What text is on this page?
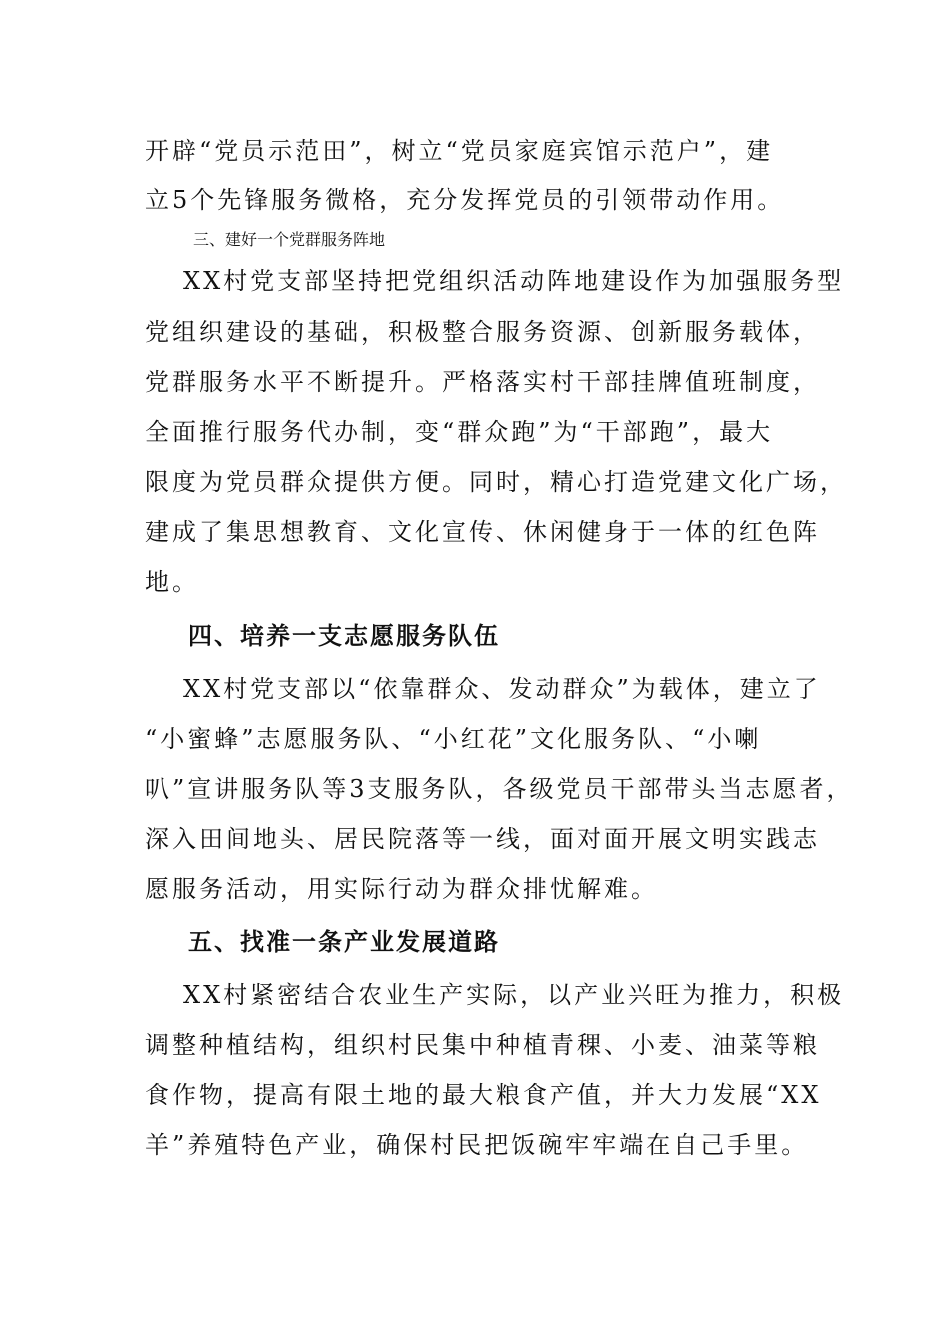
开辟“党员示范田”，树立“党员家庭宾馆示范户”，建
立5个先锋服务微格，充分发挥党员的引领带动作用。
三、建好一个党群服务阵地
XX村党支部坚持把党组织活动阵地建设作为加强服务型
党组织建设的基础，积极整合服务资源、创新服务载体，
党群服务水平不断提升。严格落实村干部挂牌值班制度，
全面推行服务代办制，变“群众跑”为“干部跑”，最大
限度为党员群众提供方便。同时，精心打造党建文化广场，
建成了集思想教育、文化宣传、休闲健身于一体的红色阵
地。
四、培养一支志愿服务队伍
XX村党支部以“依靠群众、发动群众”为载体，建立了
“小蜜蜂”志愿服务队、“小红花”文化服务队、“小喇
叭”宣讲服务队等3支服务队，各级党员干部带头当志愿者，
深入田间地头、居民院落等一线，面对面开展文明实践志
愿服务活动，用实际行动为群众排忧解难。
五、找准一条产业发展道路
XX村紧密结合农业生产实际，以产业兴旺为推力，积极
调整种植结构，组织村民集中种植青稞、小麦、油菜等粮
食作物，提高有限土地的最大粮食产值，并大力发展“XX
羊”养殖特色产业，确保村民把饭碗牢牢端在自己手里。
